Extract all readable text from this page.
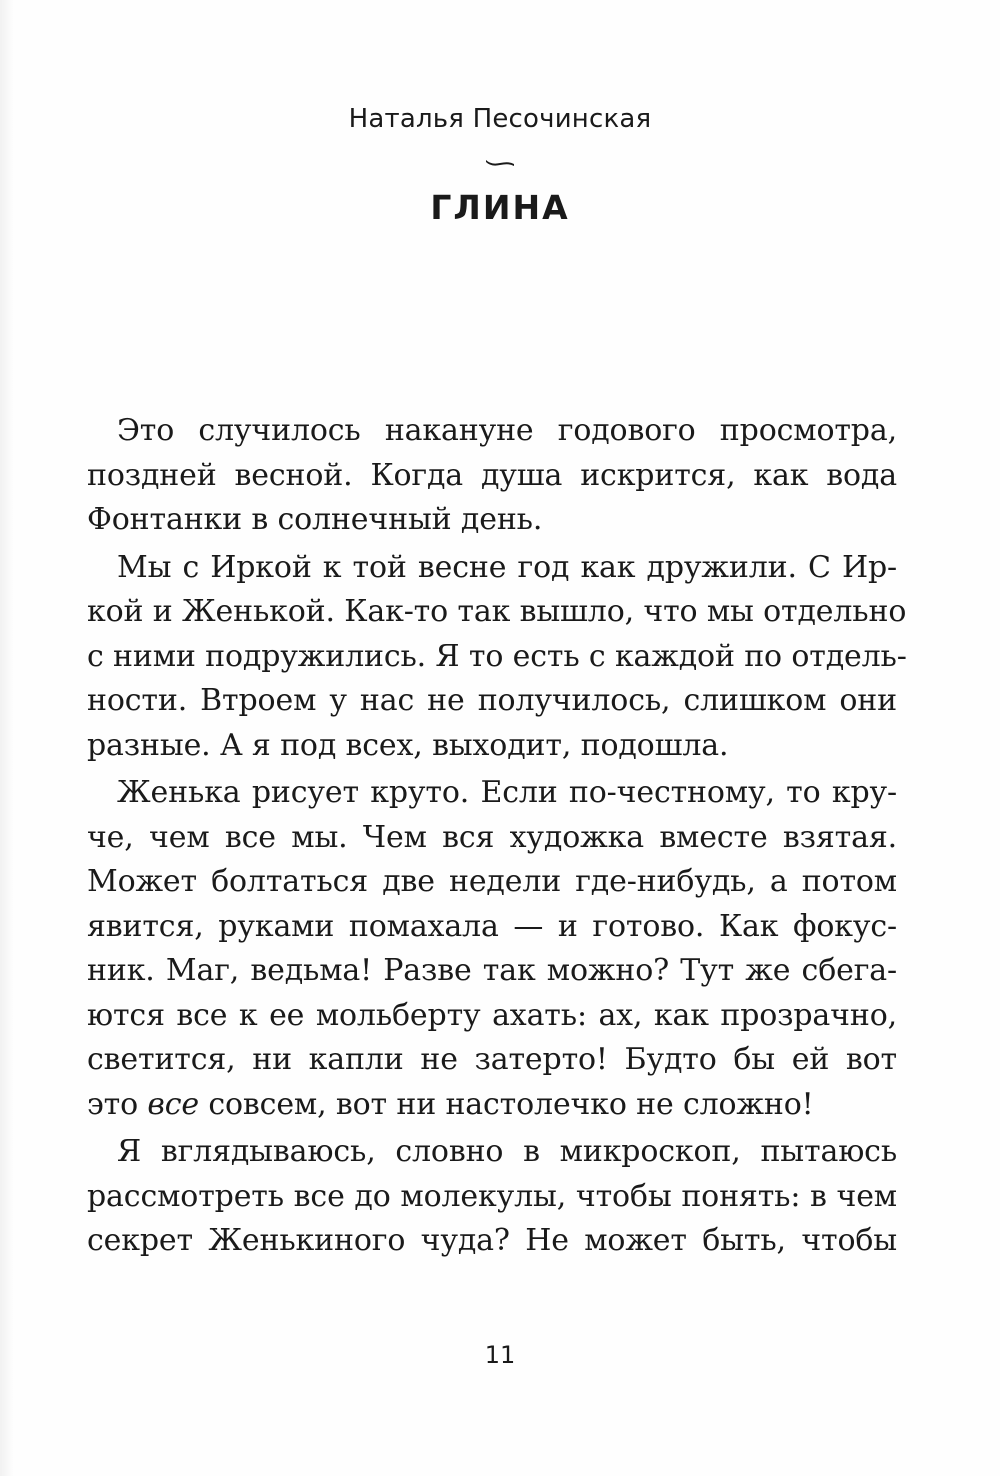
Наталья Песочинская
ГЛИНА
Это случилось накануне годового просмотра,
поздней весной. Когда душа искрится, как вода
Фонтанки в солнечный день.
Мы с Иркой к той весне год как дружили. С Ир-
кой и Женькой. Как-то так вышло, что мы отдельно
с ними подружились. Я то есть с каждой по отдель-
ности. Втроем у нас не получилось, слишком они
разные. А я под всех, выходит, подошла.
Женька рисует круто. Если по-честному, то кру-
че, чем все мы. Чем вся художка вместе взятая.
Может болтаться две недели где-нибудь, а потом
явится, руками помахала — и готово. Как фокус-
ник. Маг, ведьма! Разве так можно? Тут же сбега-
ются все к ее мольберту ахать: ах, как прозрачно,
светится, ни капли не затерто! Будто бы ей вот
это все совсем, вот ни настолечко не сложно!
Я вглядываюсь, словно в микроскоп, пытаюсь
рассмотреть все до молекулы, чтобы понять: в чем
секрет Женькиного чуда? Не может быть, чтобы
11
